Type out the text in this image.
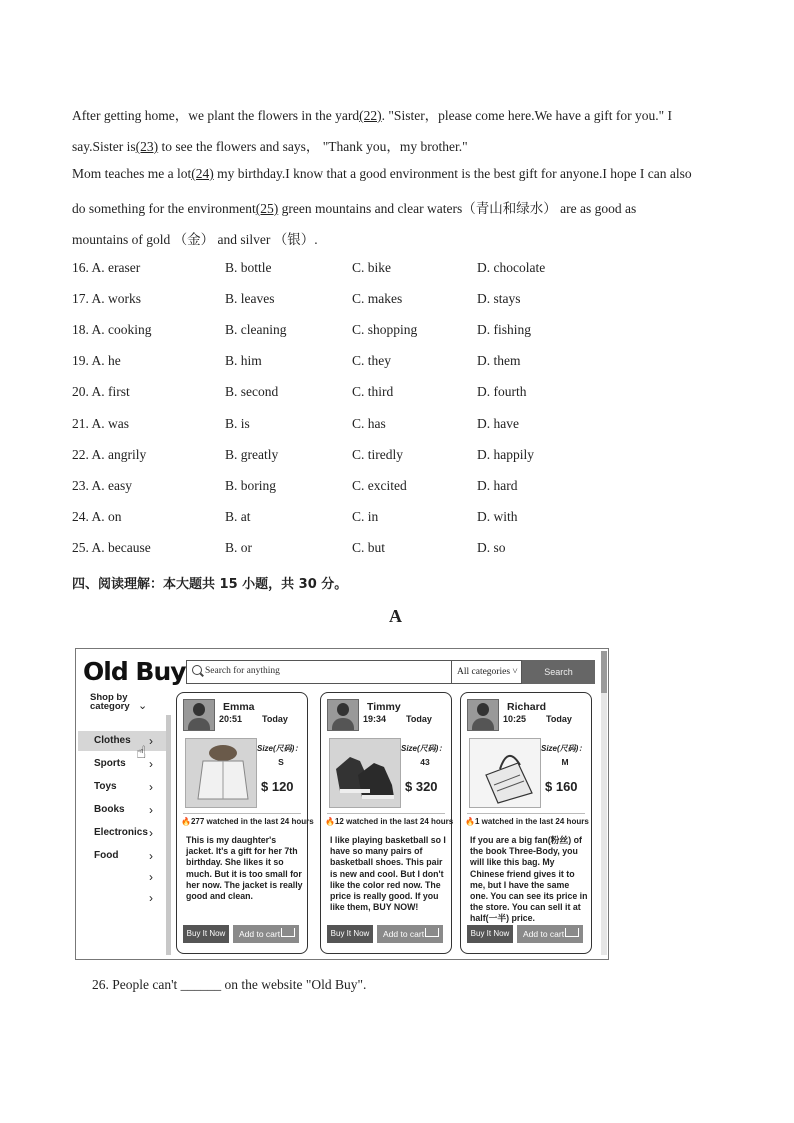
After getting home，we plant the flowers in the yard(22). "Sister，please come here.We have a gift for you." I
say.Sister is(23) to see the flowers and says， "Thank you，my brother."
Mom teaches me a lot(24) my birthday.I know that a good environment is the best gift for anyone.I hope I can also
do something for the environment(25) green mountains and clear waters（青山和绿水） are as good as
mountains of gold （金） and silver （银）.
16. A. eraser	B. bottle	C. bike	D. chocolate
17. A. works	B. leaves	C. makes	D. stays
18. A. cooking	B. cleaning	C. shopping	D. fishing
19. A. he	B. him	C. they	D. them
20. A. first	B. second	C. third	D. fourth
21. A. was	B. is	C. has	D. have
22. A. angrily	B. greatly	C. tiredly	D. happily
23. A. easy	B. boring	C. excited	D. hard
24. A. on	B. at	C. in	D. with
25. A. because	B. or	C. but	D. so
四、阅读理解：本大题共 15 小题，共 30 分。
A
Old Buy Search for anything	All categories ˅	Search
Shop by
category ⌄
Clothes ›
Sports ›
Toys	›
Books ›
Electronics ›
Food	›
›
›
☝
Emma
20:51 Today
Size(尺码)：
S
$ 120
🔥277 watched in the last 24 hours
This is my daughter's jacket. It's a gift for her 7th birthday. She likes it so much. But it is too small for her now. The jacket is really good and clean.
Buy It Now	Add to cart
Timmy
19:34 Today
Size(尺码)：
43
$ 320
🔥12 watched in the last 24 hours
I like playing basketball so I have so many pairs of basketball shoes. This pair is new and cool. But I don't like the color red now. The price is really good. If you like them, BUY NOW!
Buy It Now	Add to cart
Richard
10:25 Today
Size(尺码)：
M
$ 160
🔥1 watched in the last 24 hours
If you are a big fan(粉丝) of the book Three-Body, you will like this bag. My Chinese friend gives it to me, but I have the same one. You can see its price in the store. You can sell it at half(一半) price.
Buy It Now	Add to cart
26. People can't ______ on the website "Old Buy".
